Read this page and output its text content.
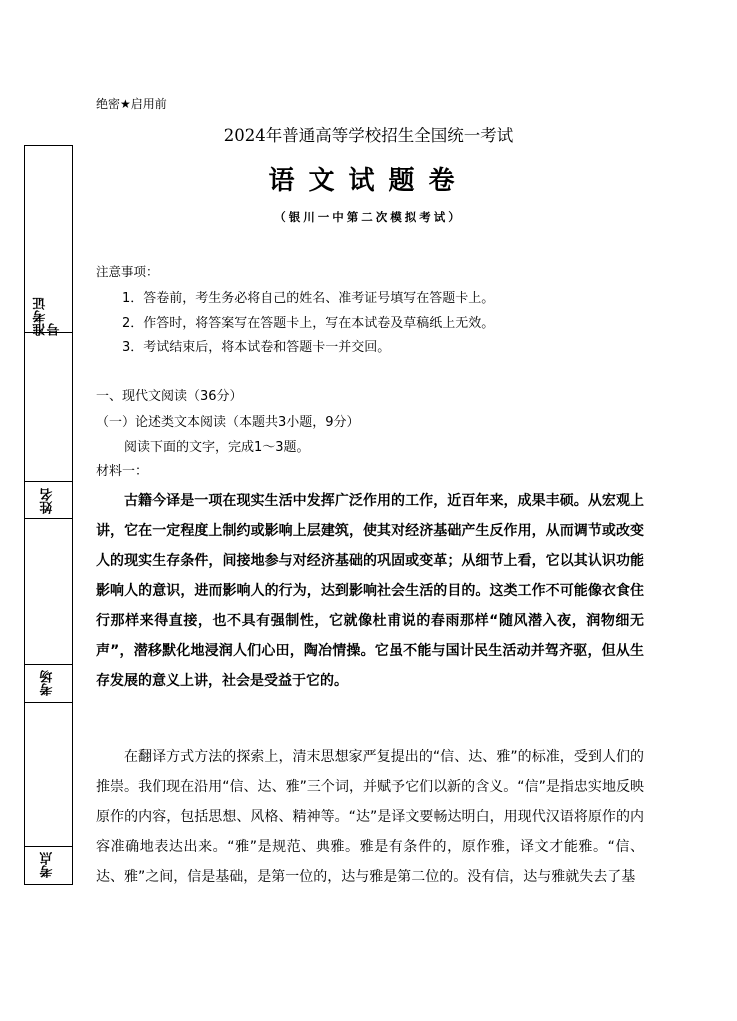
准考证号
姓名
考场
考点
绝密★启用前
2024年普通高等学校招生全国统一考试
语文试题卷
（银川一中第二次模拟考试）
注意事项：
1．答卷前，考生务必将自己的姓名、准考证号填写在答题卡上。
2．作答时，将答案写在答题卡上，写在本试卷及草稿纸上无效。
3．考试结束后，将本试卷和答题卡一并交回。
一、现代文阅读（36分）
（一）论述类文本阅读（本题共3小题，9分）
阅读下面的文字，完成1～3题。
材料一：

古籍今译是一项在现实生活中发挥广泛作用的工作，近百年来，成果丰硕。从宏观上讲，它在一定程度上制约或影响上层建筑，使其对经济基础产生反作用，从而调节或改变人的现实生存条件，间接地参与对经济基础的巩固或变革；从细节上看，它以其认识功能影响人的意识，进而影响人的行为，达到影响社会生活的目的。这类工作不可能像衣食住行那样来得直接，也不具有强制性，它就像杜甫说的春雨那样“随风潜入夜，润物细无声”，潜移默化地浸润人们心田，陶冶情操。它虽不能与国计民生活动并驾齐驱，但从生存发展的意义上讲，社会是受益于它的。

在翻译方式方法的探索上，清末思想家严复提出的“信、达、雅”的标准，受到人们的推崇。我们现在沿用“信、达、雅”三个词，并赋予它们以新的含义。“信”是指忠实地反映原作的内容，包括思想、风格、精神等。“达”是译文要畅达明白，用现代汉语将原作的内容准确地表达出来。“雅”是规范、典雅。雅是有条件的，原作雅，译文才能雅。“信、达、雅”之间，信是基础，是第一位的，达与雅是第二位的。没有信，达与雅就失去了基
